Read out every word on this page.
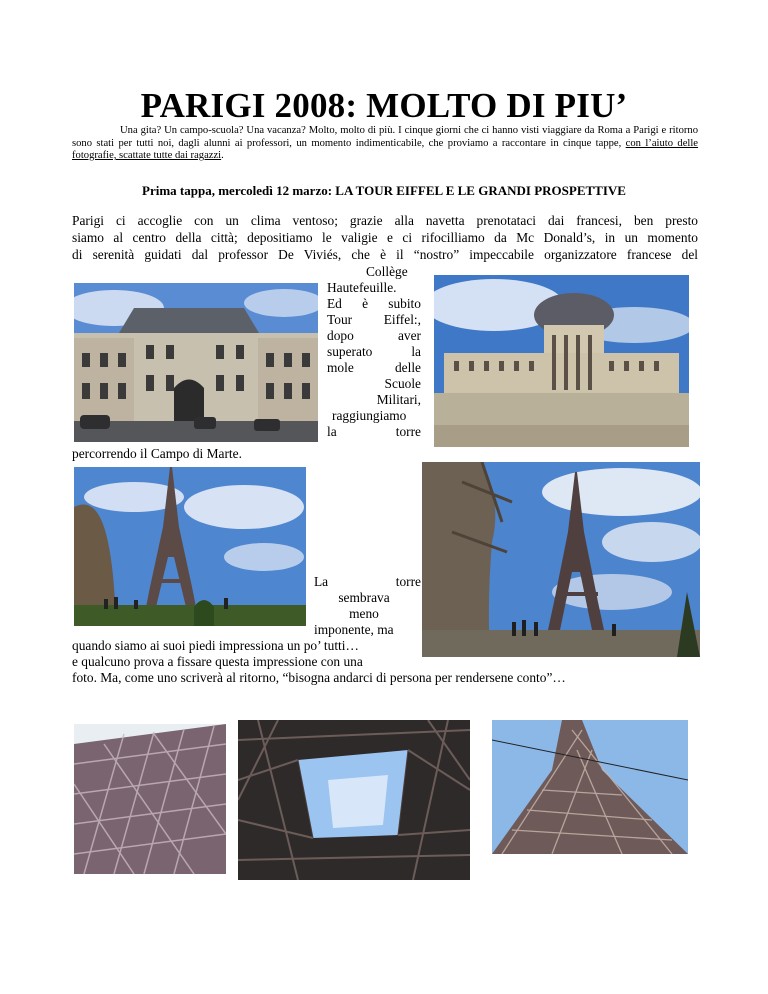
PARIGI 2008: MOLTO DI PIU’
Una gita? Un campo-scuola? Una vacanza? Molto, molto di più. I cinque giorni che ci hanno visti viaggiare da Roma a Parigi e ritorno sono stati per tutti noi, dagli alunni ai professori, un momento indimenticabile, che proviamo a raccontare in cinque tappe, con l’aiuto delle fotografie, scattate tutte dai ragazzi.
Prima tappa, mercoledì 12 marzo: LA TOUR EIFFEL E LE GRANDI PROSPETTIVE
Parigi ci accoglie con un clima ventoso; grazie alla navetta prenotataci dai francesi, ben presto
siamo al centro della città; depositiamo le valigie e ci rifocilliamo da Mc Donald’s, in un momento
di serenità guidati dal professor De Viviés, che è il “nostro” impeccabile organizzatore francese del
Collège
Hautefeuille.
Ed è subito
Tour Eiffel:,
dopo	aver
superato	la
mole	delle
Scuole
Militari,
raggiungiamo
la	torre
percorrendo il Campo di Marte.
La	torre
sembrava
meno
imponente, ma
quando siamo ai suoi piedi impressiona un po’ tutti…
e qualcuno prova a fissare questa impressione con una
foto. Ma, come uno scriverà al ritorno, “bisogna andarci di persona per rendersene conto”…
